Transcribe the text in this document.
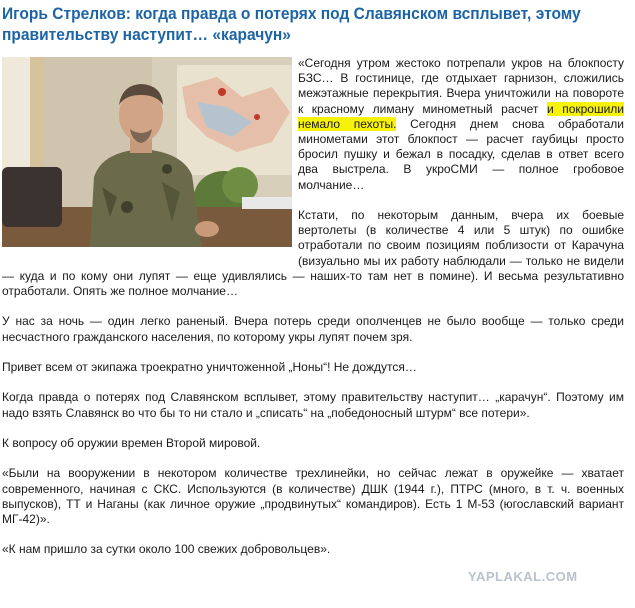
Игорь Стрелков: когда правда о потерях под Славянском всплывет, этому правительству наступит… «карачун»

«Сегодня утром жестоко потрепали укров на блокпосту БЗС… В гостинице, где отдыхает гарнизон, сложились межэтажные перекрытия. Вчера уничтожили на повороте к красному лиману минометный расчет и покрошили немало пехоты. Сегодня днем снова обработали минометами этот блокпост — расчет гаубицы просто бросил пушку и бежал в посадку, сделав в ответ всего два выстрела. В укроСМИ — полное гробовое молчание…

Кстати, по некоторым данным, вчера их боевые вертолеты (в количестве 4 или 5 штук) по ошибке отработали по своим позициям поблизости от Карачуна (визуально мы их работу наблюдали — только не видели — куда и по кому они лупят — еще удивлялись — наших-то там нет в помине). И весьма результативно отработали. Опять же полное молчание…

У нас за ночь — один легко раненый. Вчера потерь среди ополченцев не было вообще — только среди несчастного гражданского населения, по которому укры лупят почем зря.

Привет всем от экипажа троекратно уничтоженной „Ноны“! Не дождутся…

Когда правда о потерях под Славянском всплывет, этому правительству наступит… „карачун“. Поэтому им надо взять Славянск во что бы то ни стало и „списать“ на „победоносный штурм“ все потери».

К вопросу об оружии времен Второй мировой.

«Были на вооружении в некотором количестве трехлинейки, но сейчас лежат в оружейке — хватает современного, начиная с СКС. Используются (в количестве) ДШК (1944 г.), ПТРС (много, в т. ч. военных выпусков), ТТ и Наганы (как личное оружие „продвинутых“ командиров). Есть 1 М-53 (югославский вариант МГ-42)».

«К нам пришло за сутки около 100 свежих добровольцев».

YAPLAKAL.COM
